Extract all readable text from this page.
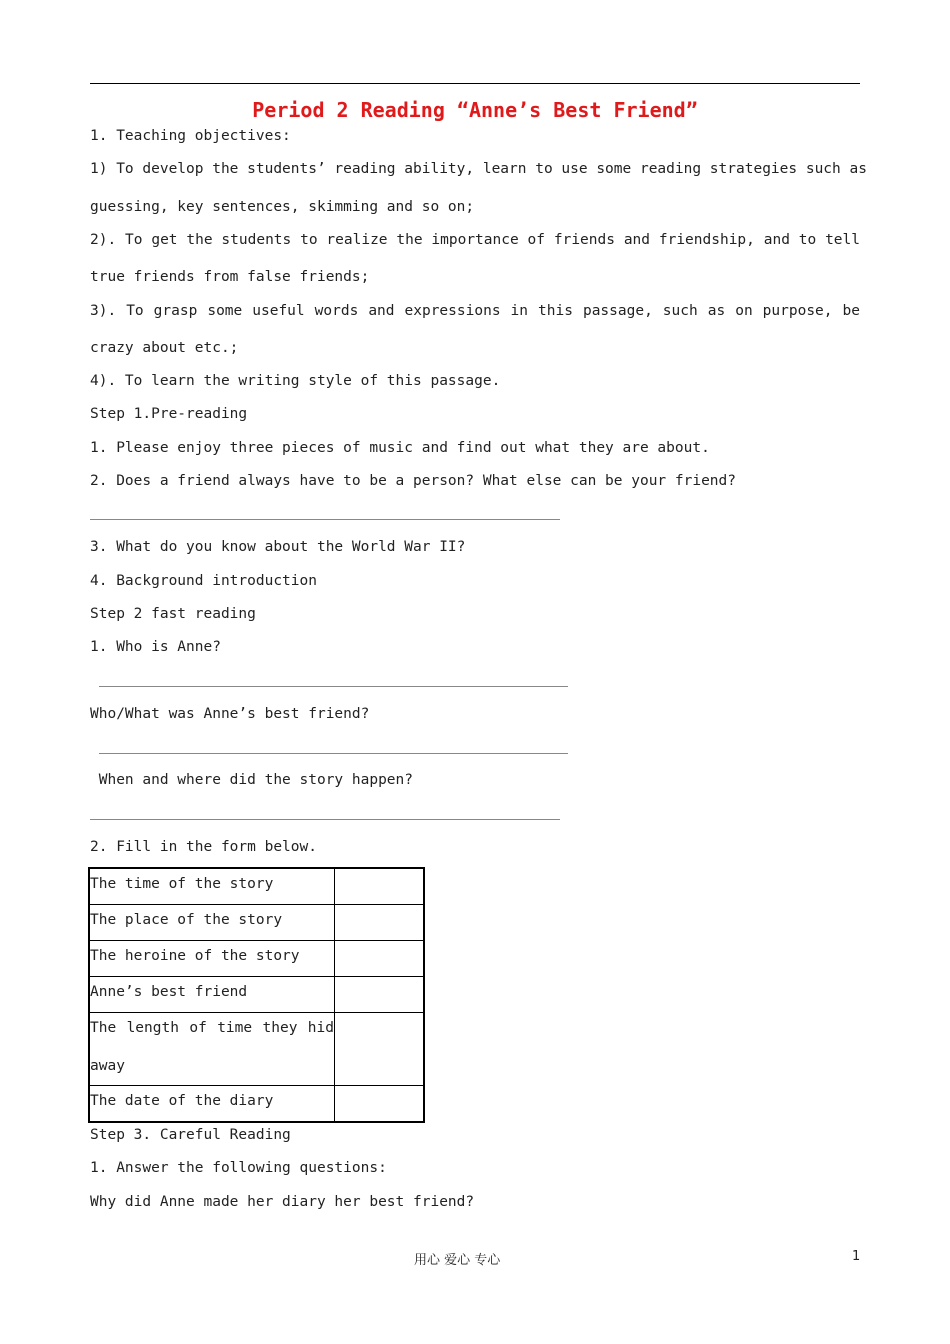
Period 2 Reading “Anne’s Best Friend”
1. Teaching objectives:
1) To develop the students’ reading ability, learn to use some reading strategies such as
guessing, key sentences, skimming and so on;
2). To get the students to realize the importance of friends and friendship, and to tell
true friends from false friends;
3). To grasp some useful words and expressions in this passage, such as on purpose, be
crazy about etc.;
4). To learn the writing style of this passage.
Step 1.Pre-reading
1. Please enjoy three pieces of music and find out what they are about.
2. Does a friend always have to be a person? What else can be your friend?
3. What do you know about the World War II?
4. Background introduction
Step 2 fast reading
1. Who is Anne?
Who/What was Anne’s best friend?
When and where did the story happen?
2. Fill in the form below.
The time of the story	

The place of the story	

The heroine of the story	

Anne’s best friend	

The length of time they hid away	

The date of the diary	

Step 3. Careful Reading
1. Answer the following questions:
Why did Anne made her diary her best friend?
用心 爱心 专心	1
